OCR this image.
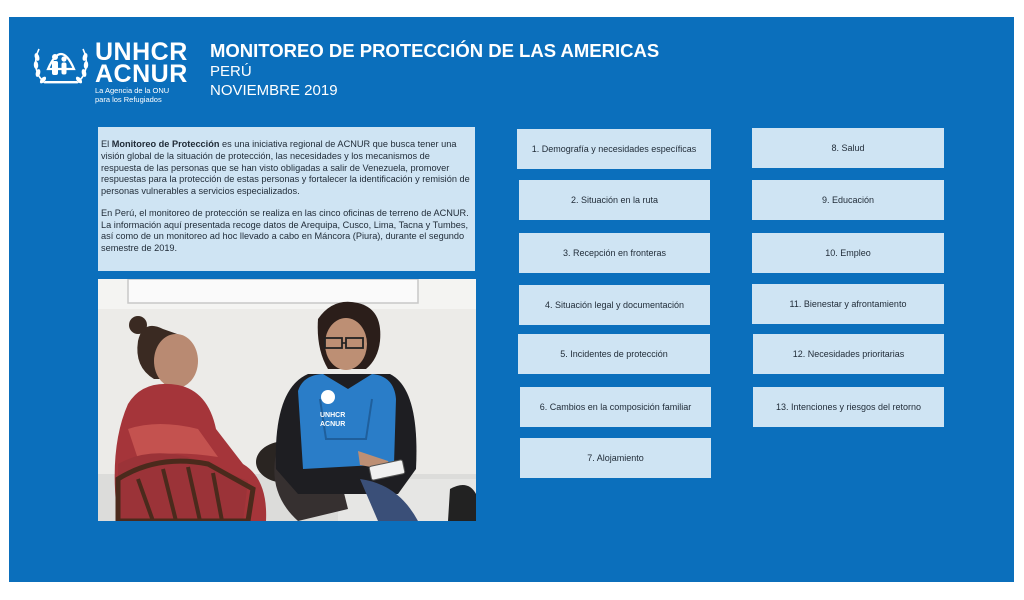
UNHCR
ACNUR
La Agencia de la ONU
para los Refugiados
MONITOREO DE PROTECCIÓN DE LAS AMERICAS
PERÚ
NOVIEMBRE 2019

El Monitoreo de Protección es una iniciativa regional de ACNUR que busca tener una visión global de la situación de protección, las necesidades y los mecanismos de respuesta de las personas que se han visto obligadas a salir de Venezuela, promover respuestas para la protección de estas personas y fortalecer la identificación y remisión de personas vulnerables a servicios especializados.

En Perú, el monitoreo de protección se realiza en las cinco oficinas de terreno de ACNUR. La información aquí presentada recoge datos de Arequipa, Cusco, Lima, Tacna y Tumbes, así como de un monitoreo ad hoc llevado a cabo en Máncora (Piura), durante el segundo semestre de 2019.

UNHCR
ACNUR
1. Demografía y necesidades específicas
2. Situación en la ruta
3. Recepción en fronteras
4. Situación legal y documentación
5. Incidentes de protección
6. Cambios en la composición familiar
7. Alojamiento
8. Salud
9. Educación
10. Empleo
11. Bienestar y afrontamiento
12. Necesidades prioritarias
13. Intenciones y riesgos del retorno
